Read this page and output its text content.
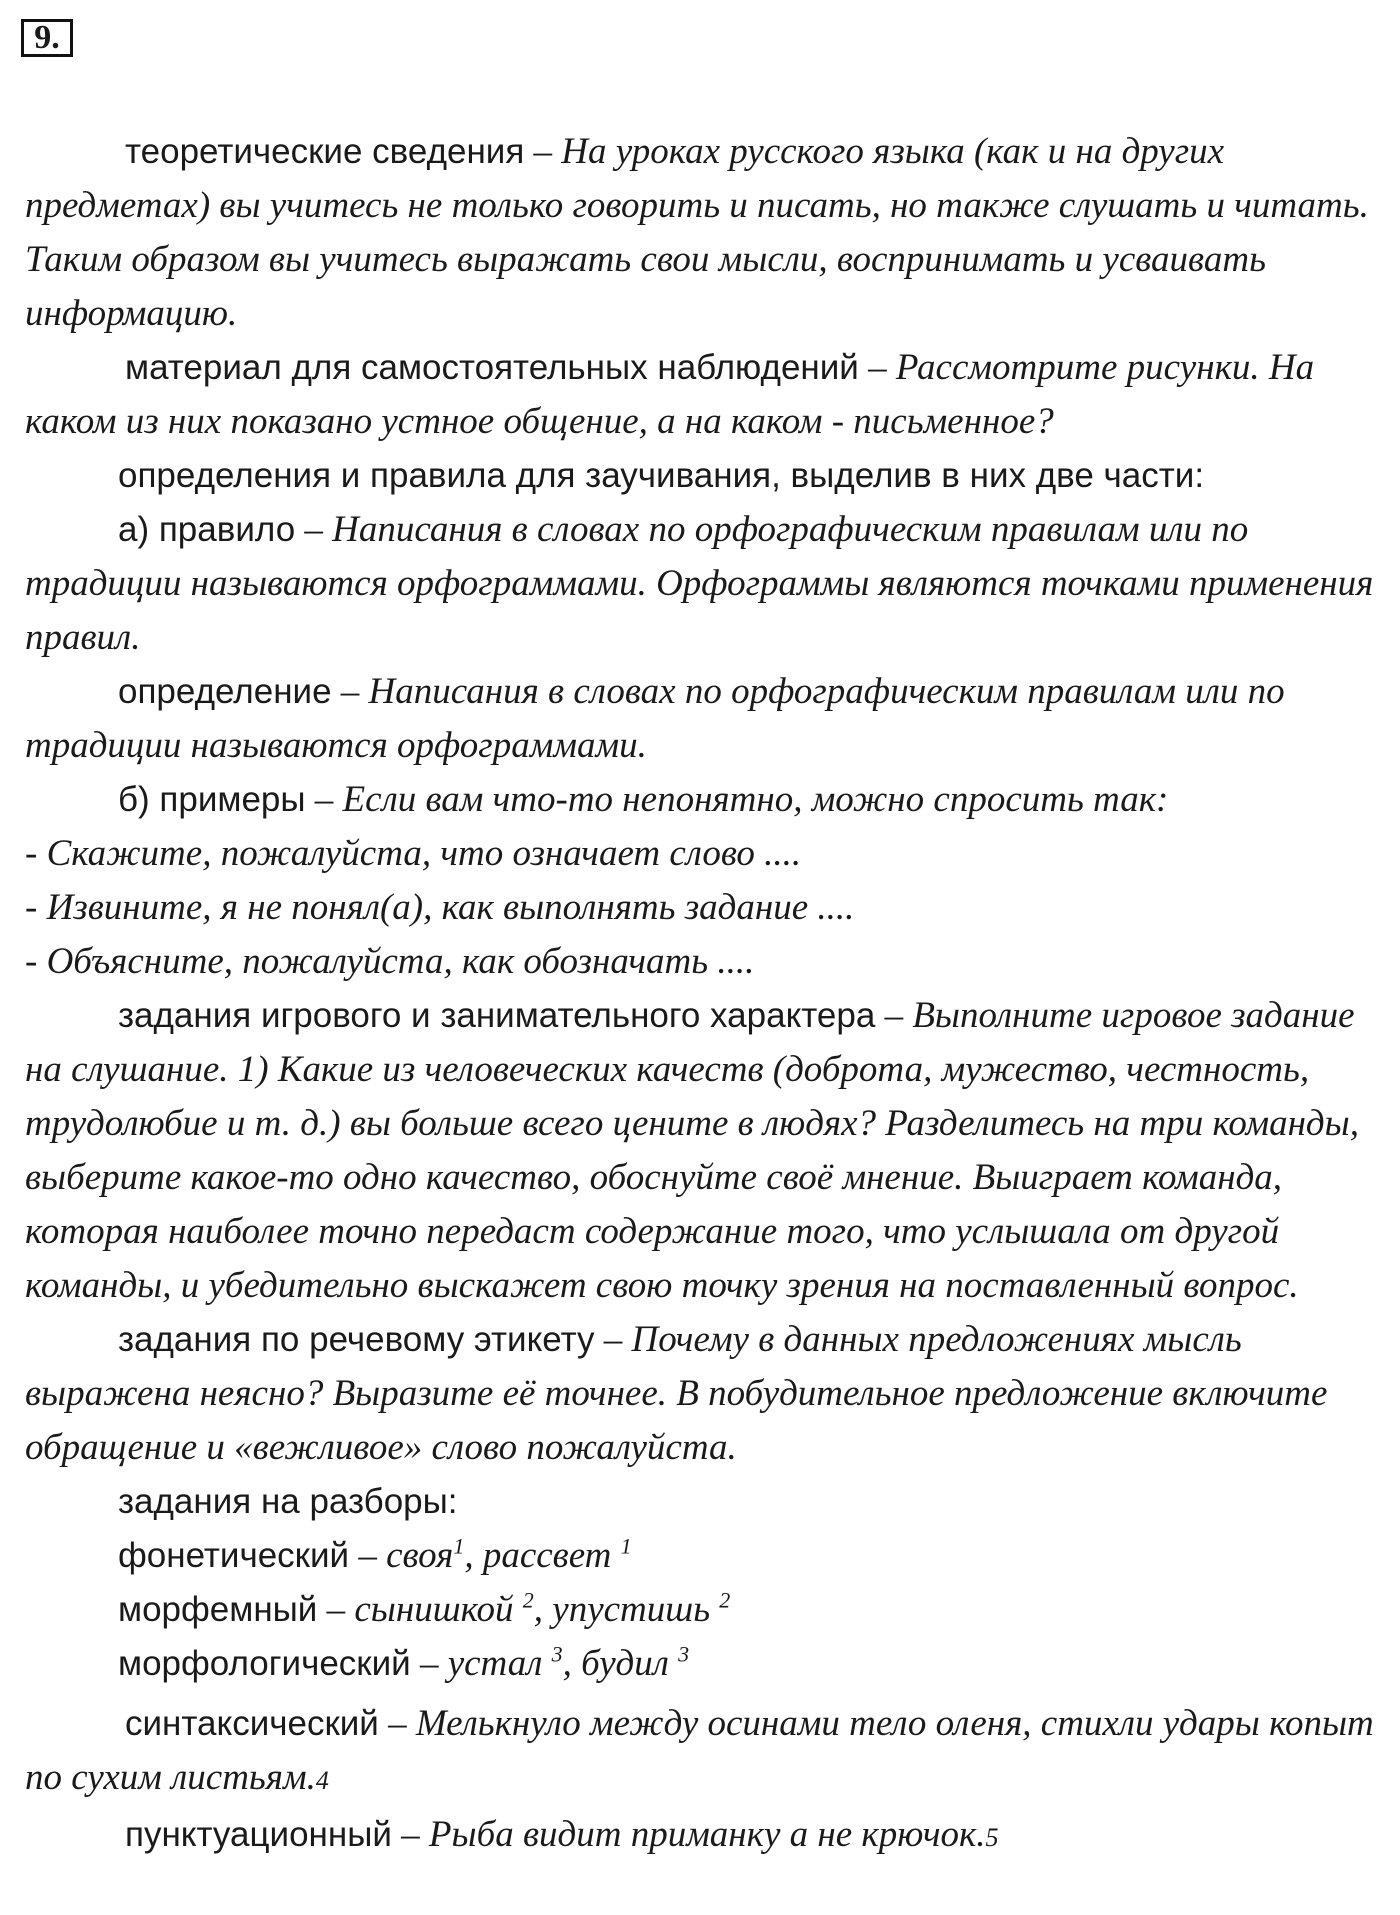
9.

теоретические сведения – На уроках русского языка (как и на других предметах) вы учитесь не только говорить и писать, но также слушать и читать. Таким образом вы учитесь выражать свои мысли, воспринимать и усваивать информацию.

материал для самостоятельных наблюдений – Рассмотрите рисунки. На каком из них показано устное общение, а на каком - письменное?

определения и правила для заучивания, выделив в них две части:

а) правило – Написания в словах по орфографическим правилам или по традиции называются орфограммами. Орфограммы являются точками применения правил.

определение – Написания в словах по орфографическим правилам или по традиции называются орфограммами.

б) примеры – Если вам что-то непонятно, можно спросить так:

- Скажите, пожалуйста, что означает слово ....

- Извините, я не понял(а), как выполнять задание ....

- Объясните, пожалуйста, как обозначать ....

задания игрового и занимательного характера – Выполните игровое задание на слушание. 1) Какие из человеческих качеств (доброта, мужество, честность, трудолюбие и т. д.) вы больше всего цените в людях? Разделитесь на три команды, выберите какое-то одно качество, обоснуйте своё мнение. Выиграет команда, которая наиболее точно передаст содержание того, что услышала от другой команды, и убедительно выскажет свою точку зрения на поставленный вопрос.

задания по речевому этикету – Почему в данных предложениях мысль выражена неясно? Выразите её точнее. В побудительное предложение включите обращение и «вежливое» слово пожалуйста.

задания на разборы:

фонетический – своя$^1$, рассвет $^1$

морфемный – сынишкой $^2$, упустишь $^2$

морфологический – устал $^3$, будил $^3$

синтаксический – Мелькнуло между осинами тело оленя, стихли удары копыт по сухим листьям.4

пунктуационный – Рыба видит приманку а не крючок.5
